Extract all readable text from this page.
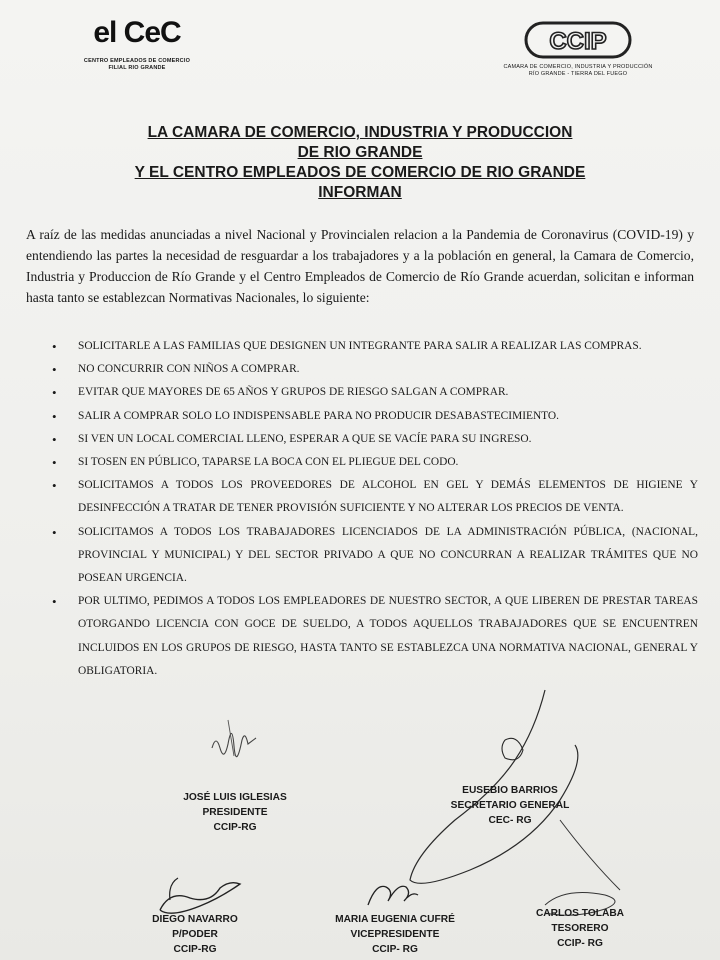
el CeC
CENTRO EMPLEADOS DE COMERCIO
FILIAL RIO GRANDE
CCIP
CAMARA DE COMERCIO, INDUSTRIA Y PRODUCCIÓN
RÍO GRANDE - TIERRA DEL FUEGO
LA CAMARA DE COMERCIO, INDUSTRIA Y PRODUCCION
DE RIO GRANDE
Y EL CENTRO EMPLEADOS DE COMERCIO DE RIO GRANDE
INFORMAN
A raíz de las medidas anunciadas a nivel Nacional y Provincialen relacion a la Pandemia de Coronavirus (COVID-19) y entendiendo las partes la necesidad de resguardar a los trabajadores y a la población en general, la Camara de Comercio, Industria y Produccion de Río Grande y el Centro Empleados de Comercio de Río Grande acuerdan, solicitan e informan hasta tanto se establezcan Normativas Nacionales, lo siguiente:
• SOLICITARLE A LAS FAMILIAS QUE DESIGNEN UN INTEGRANTE PARA SALIR A REALIZAR LAS COMPRAS.
• NO CONCURRIR CON NIÑOS A COMPRAR.
• EVITAR QUE MAYORES DE 65 AÑOS Y GRUPOS DE RIESGO SALGAN A COMPRAR.
• SALIR A COMPRAR SOLO LO INDISPENSABLE PARA NO PRODUCIR DESABASTECIMIENTO.
• SI VEN UN LOCAL COMERCIAL LLENO, ESPERAR A QUE SE VACÍE PARA SU INGRESO.
• SI TOSEN EN PÚBLICO, TAPARSE LA BOCA CON EL PLIEGUE DEL CODO.
• SOLICITAMOS A TODOS LOS PROVEEDORES DE ALCOHOL EN GEL Y DEMÁS ELEMENTOS DE HIGIENE Y DESINFECCIÓN A TRATAR DE TENER PROVISIÓN SUFICIENTE Y NO ALTERAR LOS PRECIOS DE VENTA.
• SOLICITAMOS A TODOS LOS TRABAJADORES LICENCIADOS DE LA ADMINISTRACIÓN PÚBLICA, (NACIONAL, PROVINCIAL Y MUNICIPAL) Y DEL SECTOR PRIVADO A QUE NO CONCURRAN A REALIZAR TRÁMITES QUE NO POSEAN URGENCIA.
• POR ULTIMO, PEDIMOS A TODOS LOS EMPLEADORES DE NUESTRO SECTOR, A QUE LIBEREN DE PRESTAR TAREAS OTORGANDO LICENCIA CON GOCE DE SUELDO, A TODOS AQUELLOS TRABAJADORES QUE SE ENCUENTREN INCLUIDOS EN LOS GRUPOS DE RIESGO, HASTA TANTO SE ESTABLEZCA UNA NORMATIVA NACIONAL, GENERAL Y OBLIGATORIA.
JOSÉ LUIS IGLESIAS
PRESIDENTE
CCIP-RG
EUSEBIO BARRIOS
SECRETARIO GENERAL
CEC- RG
DIEGO NAVARRO
P/PODER
CCIP-RG
MARIA EUGENIA CUFRÉ
VICEPRESIDENTE
CCIP- RG
CARLOS TOLABA
TESORERO
CCIP- RG
